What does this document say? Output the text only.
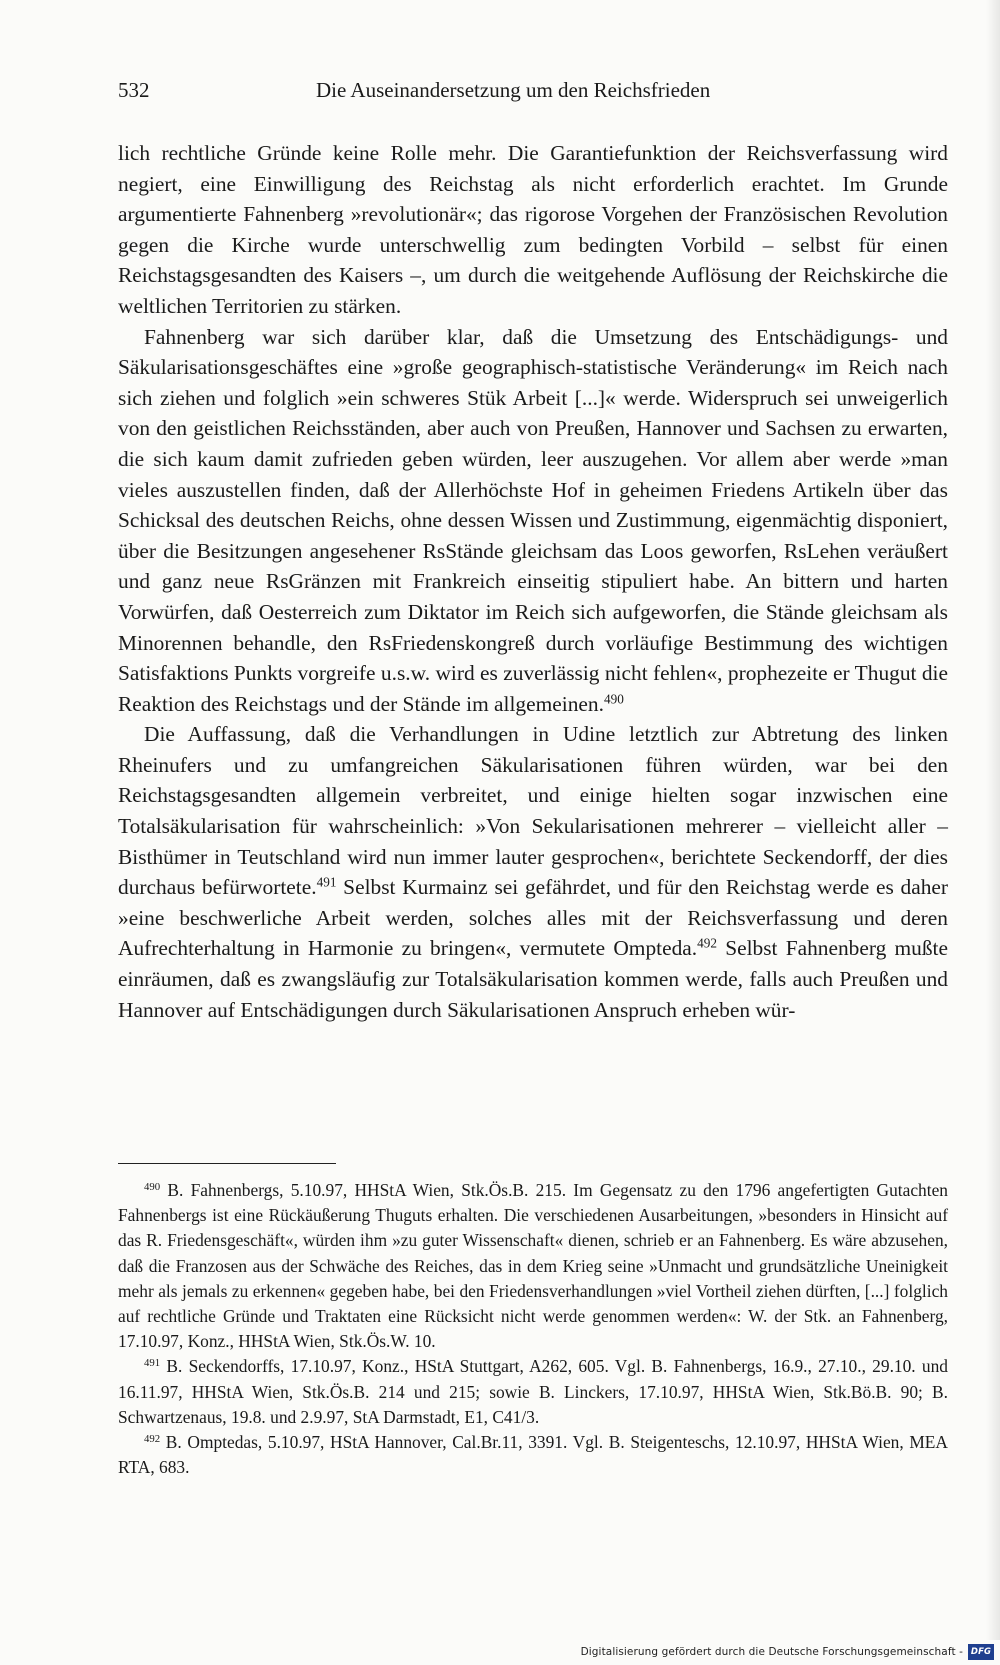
532	Die Auseinandersetzung um den Reichsfrieden

lich rechtliche Gründe keine Rolle mehr. Die Garantiefunktion der Reichsverfassung wird negiert, eine Einwilligung des Reichstag als nicht erforderlich erachtet. Im Grunde argumentierte Fahnenberg »revolutionär«; das rigorose Vorgehen der Französischen Revolution gegen die Kirche wurde unterschwellig zum bedingten Vorbild – selbst für einen Reichstagsgesandten des Kaisers –, um durch die weitgehende Auflösung der Reichskirche die weltlichen Territorien zu stärken.

Fahnenberg war sich darüber klar, daß die Umsetzung des Entschädigungs- und Säkularisationsgeschäftes eine »große geographisch-statistische Veränderung« im Reich nach sich ziehen und folglich »ein schweres Stük Arbeit [...]« werde. Widerspruch sei unweigerlich von den geistlichen Reichsständen, aber auch von Preußen, Hannover und Sachsen zu erwarten, die sich kaum damit zufrieden geben würden, leer auszugehen. Vor allem aber werde »man vieles auszustellen finden, daß der Allerhöchste Hof in geheimen Friedens Artikeln über das Schicksal des deutschen Reichs, ohne dessen Wissen und Zustimmung, eigenmächtig disponiert, über die Besitzungen angesehener RsStände gleichsam das Loos geworfen, RsLehen veräußert und ganz neue RsGränzen mit Frankreich einseitig stipuliert habe. An bittern und harten Vorwürfen, daß Oesterreich zum Diktator im Reich sich aufgeworfen, die Stände gleichsam als Minorennen behandle, den RsFriedenskongreß durch vorläufige Bestimmung des wichtigen Satisfaktions Punkts vorgreife u.s.w. wird es zuverlässig nicht fehlen«, prophezeite er Thugut die Reaktion des Reichstags und der Stände im allgemeinen.$^{490}$

Die Auffassung, daß die Verhandlungen in Udine letztlich zur Abtretung des linken Rheinufers und zu umfangreichen Säkularisationen führen würden, war bei den Reichstagsgesandten allgemein verbreitet, und einige hielten sogar inzwischen eine Totalsäkularisation für wahrscheinlich: »Von Sekularisationen mehrerer – vielleicht aller – Bisthümer in Teutschland wird nun immer lauter gesprochen«, berichtete Seckendorff, der dies durchaus befürwortete.$^{491}$ Selbst Kurmainz sei gefährdet, und für den Reichstag werde es daher »eine beschwerliche Arbeit werden, solches alles mit der Reichsverfassung und deren Aufrechterhaltung in Harmonie zu bringen«, vermutete Ompteda.$^{492}$ Selbst Fahnenberg mußte einräumen, daß es zwangsläufig zur Totalsäkularisation kommen werde, falls auch Preußen und Hannover auf Entschädigungen durch Säkularisationen Anspruch erheben wür-

$^{490}$ B. Fahnenbergs, 5.10.97, HHStA Wien, Stk.Ös.B. 215. Im Gegensatz zu den 1796 angefertigten Gutachten Fahnenbergs ist eine Rückäußerung Thuguts erhalten. Die verschiedenen Ausarbeitungen, »besonders in Hinsicht auf das R. Friedensgeschäft«, würden ihm »zu guter Wissenschaft« dienen, schrieb er an Fahnenberg. Es wäre abzusehen, daß die Franzosen aus der Schwäche des Reiches, das in dem Krieg seine »Unmacht und grundsätzliche Uneinigkeit mehr als jemals zu erkennen« gegeben habe, bei den Friedensverhandlungen »viel Vortheil ziehen dürften, [...] folglich auf rechtliche Gründe und Traktaten eine Rücksicht nicht werde genommen werden«: W. der Stk. an Fahnenberg, 17.10.97, Konz., HHStA Wien, Stk.Ös.W. 10.

$^{491}$ B. Seckendorffs, 17.10.97, Konz., HStA Stuttgart, A262, 605. Vgl. B. Fahnenbergs, 16.9., 27.10., 29.10. und 16.11.97, HHStA Wien, Stk.Ös.B. 214 und 215; sowie B. Linckers, 17.10.97, HHStA Wien, Stk.Bö.B. 90; B. Schwartzenaus, 19.8. und 2.9.97, StA Darmstadt, E1, C41/3.

$^{492}$ B. Omptedas, 5.10.97, HStA Hannover, Cal.Br.11, 3391. Vgl. B. Steigenteschs, 12.10.97, HHStA Wien, MEA RTA, 683.

Digitalisierung gefördert durch die Deutsche Forschungsgemeinschaft - DFG
